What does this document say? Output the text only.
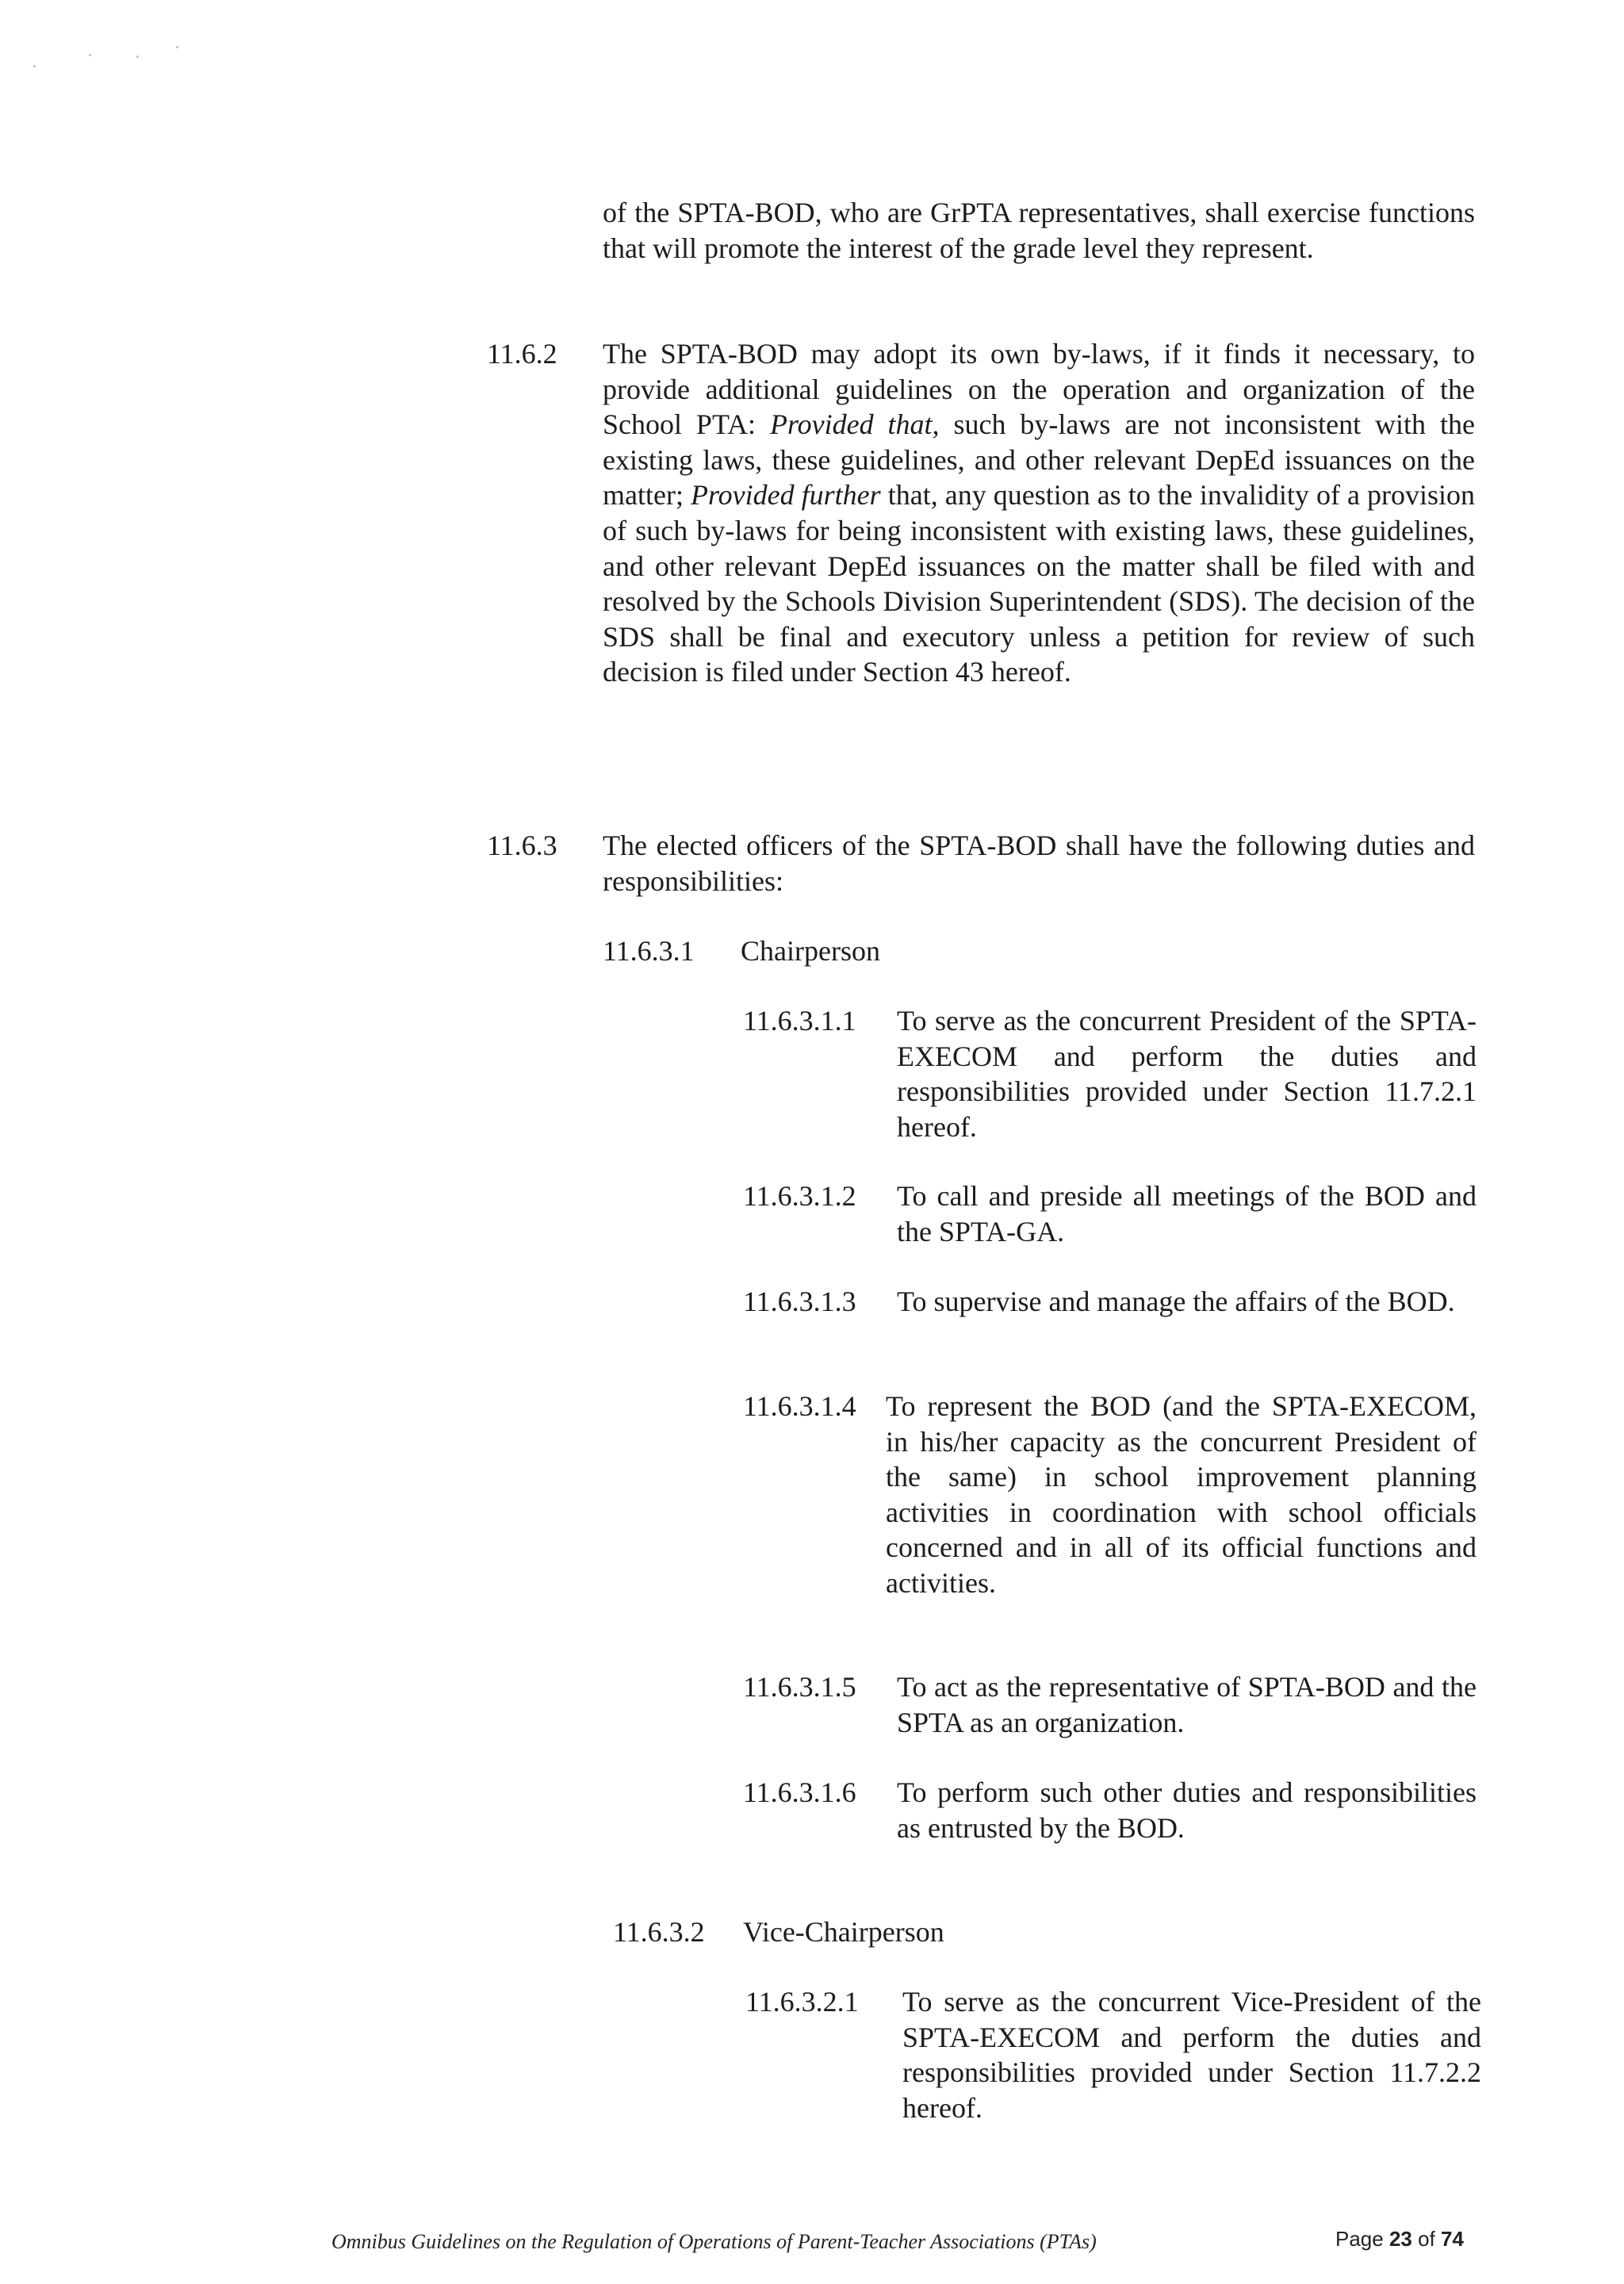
of the SPTA-BOD, who are GrPTA representatives, shall exercise functions that will promote the interest of the grade level they represent.

11.6.2 The SPTA-BOD may adopt its own by-laws, if it finds it necessary, to provide additional guidelines on the operation and organization of the School PTA: Provided that, such by-laws are not inconsistent with the existing laws, these guidelines, and other relevant DepEd issuances on the matter; Provided further that, any question as to the invalidity of a provision of such by-laws for being inconsistent with existing laws, these guidelines, and other relevant DepEd issuances on the matter shall be filed with and resolved by the Schools Division Superintendent (SDS). The decision of the SDS shall be final and executory unless a petition for review of such decision is filed under Section 43 hereof.

11.6.3 The elected officers of the SPTA-BOD shall have the following duties and responsibilities:

11.6.3.1 Chairperson
11.6.3.1.1 To serve as the concurrent President of the SPTA-EXECOM and perform the duties and responsibilities provided under Section 11.7.2.1 hereof.

11.6.3.1.2 To call and preside all meetings of the BOD and the SPTA-GA.

11.6.3.1.3 To supervise and manage the affairs of the BOD.

11.6.3.1.4 To represent the BOD (and the SPTA-EXECOM, in his/her capacity as the concurrent President of the same) in school improvement planning activities in coordination with school officials concerned and in all of its official functions and activities.

11.6.3.1.5 To act as the representative of SPTA-BOD and the SPTA as an organization.

11.6.3.1.6 To perform such other duties and responsibilities as entrusted by the BOD.

11.6.3.2 Vice-Chairperson
11.6.3.2.1 To serve as the concurrent Vice-President of the SPTA-EXECOM and perform the duties and responsibilities provided under Section 11.7.2.2 hereof.

Omnibus Guidelines on the Regulation of Operations of Parent-Teacher Associations (PTAs)	Page 23 of 74
